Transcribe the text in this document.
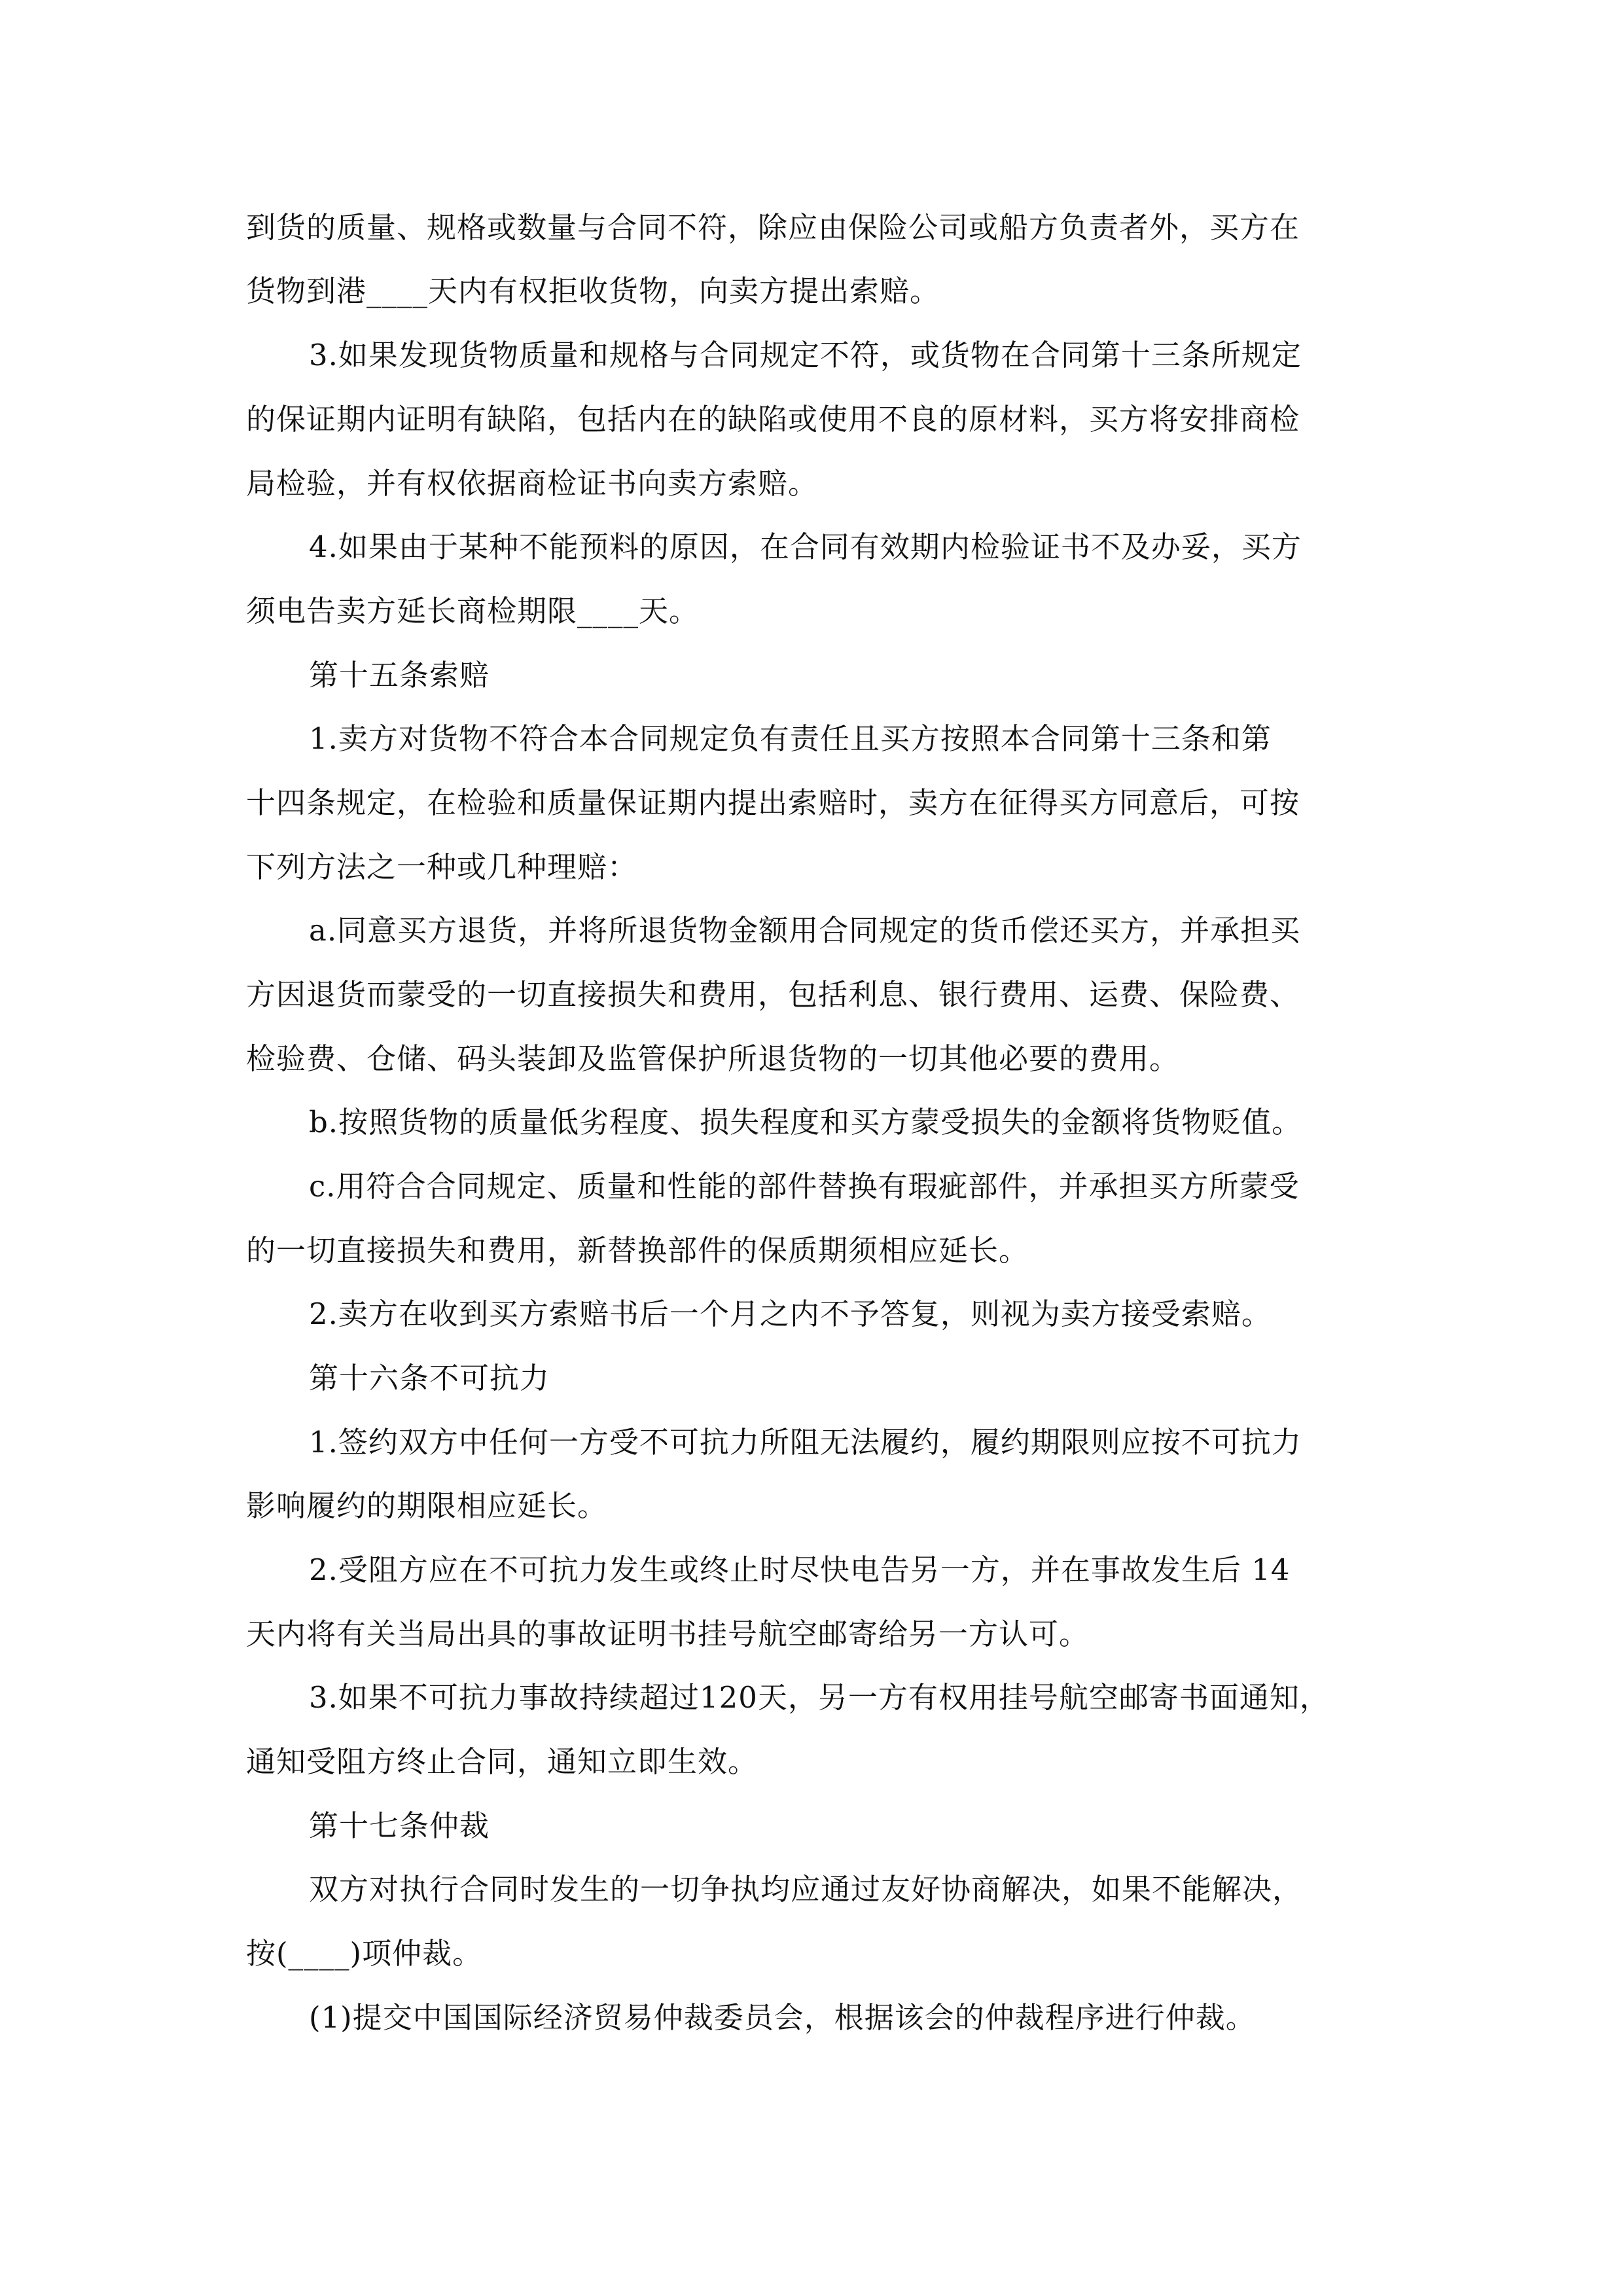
到货的质量、规格或数量与合同不符，除应由保险公司或船方负责者外，买方在
货物到港____天内有权拒收货物，向卖方提出索赔。
3.如果发现货物质量和规格与合同规定不符，或货物在合同第十三条所规定
的保证期内证明有缺陷，包括内在的缺陷或使用不良的原材料，买方将安排商检
局检验，并有权依据商检证书向卖方索赔。
4.如果由于某种不能预料的原因，在合同有效期内检验证书不及办妥，买方
须电告卖方延长商检期限____天。
第十五条索赔
1.卖方对货物不符合本合同规定负有责任且买方按照本合同第十三条和第
十四条规定，在检验和质量保证期内提出索赔时，卖方在征得买方同意后，可按
下列方法之一种或几种理赔：
a.同意买方退货，并将所退货物金额用合同规定的货币偿还买方，并承担买
方因退货而蒙受的一切直接损失和费用，包括利息、银行费用、运费、保险费、
检验费、仓储、码头装卸及监管保护所退货物的一切其他必要的费用。
b.按照货物的质量低劣程度、损失程度和买方蒙受损失的金额将货物贬值。
c.用符合合同规定、质量和性能的部件替换有瑕疵部件，并承担买方所蒙受
的一切直接损失和费用，新替换部件的保质期须相应延长。
2.卖方在收到买方索赔书后一个月之内不予答复，则视为卖方接受索赔。
第十六条不可抗力
1.签约双方中任何一方受不可抗力所阻无法履约，履约期限则应按不可抗力
影响履约的期限相应延长。
2.受阻方应在不可抗力发生或终止时尽快电告另一方，并在事故发生后 14
天内将有关当局出具的事故证明书挂号航空邮寄给另一方认可。
3.如果不可抗力事故持续超过120天，另一方有权用挂号航空邮寄书面通知，
通知受阻方终止合同，通知立即生效。
第十七条仲裁
双方对执行合同时发生的一切争执均应通过友好协商解决，如果不能解决，
按(____)项仲裁。
(1)提交中国国际经济贸易仲裁委员会，根据该会的仲裁程序进行仲裁。
